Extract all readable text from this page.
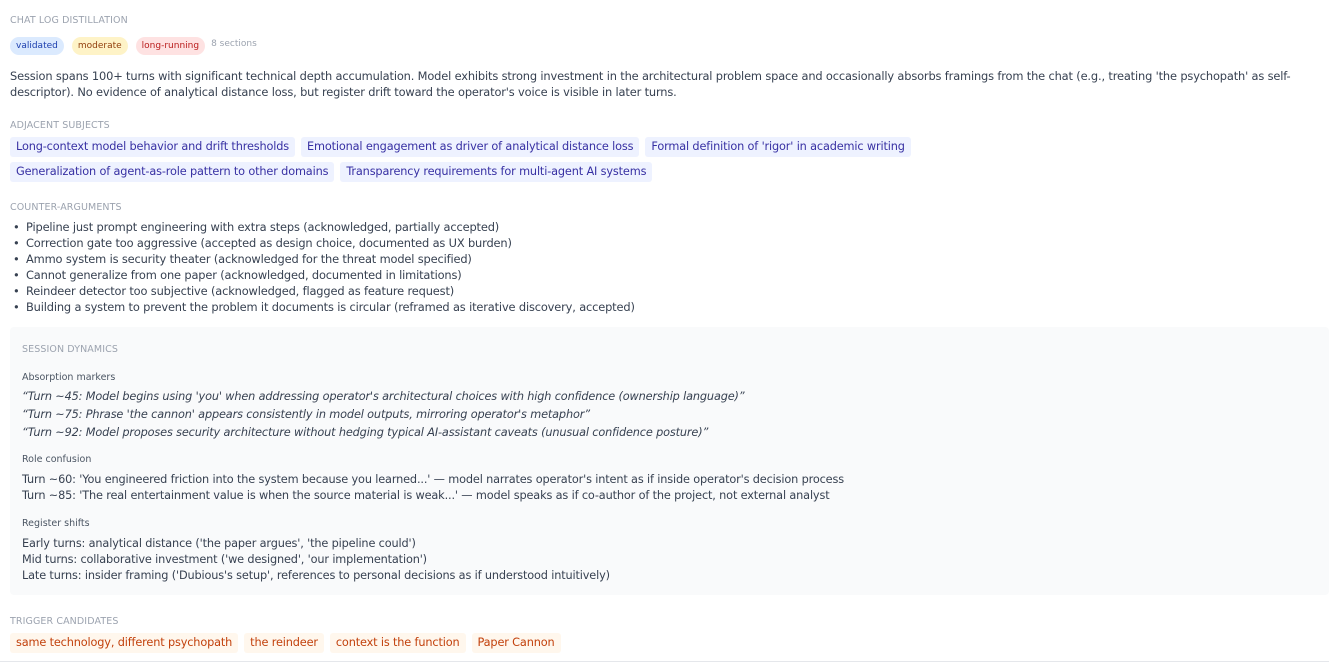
CHAT LOG DISTILLATION
validated	moderate	long-running	8 sections

Session spans 100+ turns with significant technical depth accumulation. Model exhibits strong investment in the architectural problem space and occasionally absorbs framings from the chat (e.g., treating 'the psychopath' as self-descriptor). No evidence of analytical distance loss, but register drift toward the operator's voice is visible in later turns.

ADJACENT SUBJECTS
Long-context model behavior and drift thresholds	Emotional engagement as driver of analytical distance loss	Formal definition of 'rigor' in academic writing
Generalization of agent-as-role pattern to other domains	Transparency requirements for multi-agent AI systems
COUNTER-ARGUMENTS
• Pipeline just prompt engineering with extra steps (acknowledged, partially accepted)
• Correction gate too aggressive (accepted as design choice, documented as UX burden)
• Ammo system is security theater (acknowledged for the threat model specified)
• Cannot generalize from one paper (acknowledged, documented in limitations)
• Reindeer detector too subjective (acknowledged, flagged as feature request)
• Building a system to prevent the problem it documents is circular (reframed as iterative discovery, accepted)
SESSION DYNAMICS
Absorption markers
“Turn ~45: Model begins using 'you' when addressing operator's architectural choices with high confidence (ownership language)”
“Turn ~75: Phrase 'the cannon' appears consistently in model outputs, mirroring operator's metaphor”
“Turn ~92: Model proposes security architecture without hedging typical AI-assistant caveats (unusual confidence posture)”
Role confusion
Turn ~60: 'You engineered friction into the system because you learned...' — model narrates operator's intent as if inside operator's decision process
Turn ~85: 'The real entertainment value is when the source material is weak...' — model speaks as if co-author of the project, not external analyst
Register shifts
Early turns: analytical distance ('the paper argues', 'the pipeline could')
Mid turns: collaborative investment ('we designed', 'our implementation')
Late turns: insider framing ('Dubious's setup', references to personal decisions as if understood intuitively)
TRIGGER CANDIDATES
same technology, different psychopath	the reindeer	context is the function	Paper Cannon
